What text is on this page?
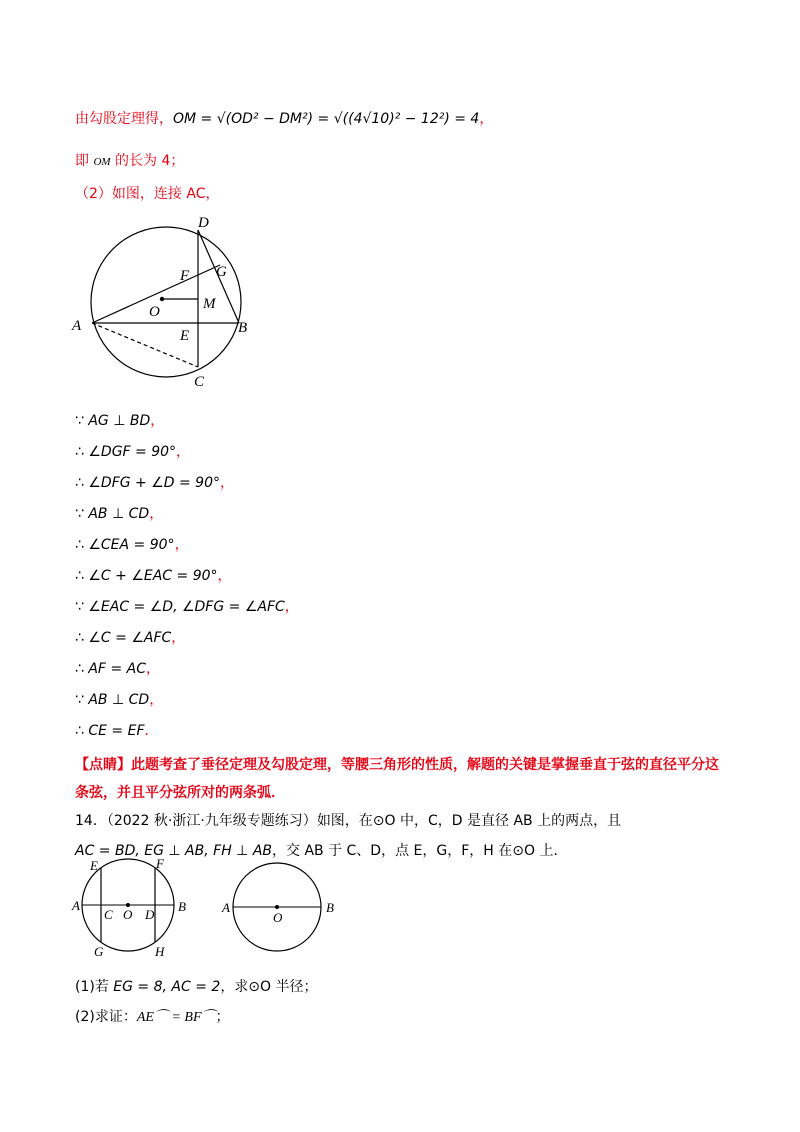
由勾股定理得，OM = √(OD² − DM²) = √((4√10)² − 12²) = 4，
即 OM 的长为 4；
（2）如图，连接 AC，
D
G
F
O	M
A
E	B
C
∵ AG ⊥ BD，
∴ ∠DGF = 90°，
∴ ∠DFG + ∠D = 90°，
∵ AB ⊥ CD，
∴ ∠CEA = 90°，
∴ ∠C + ∠EAC = 90°，
∵ ∠EAC = ∠D, ∠DFG = ∠AFC，
∴ ∠C = ∠AFC，
∴ AF = AC，
∵ AB ⊥ CD，
∴ CE = EF．
【点睛】此题考查了垂径定理及勾股定理，等腰三角形的性质，解题的关键是掌握垂直于弦的直径平分这
条弦，并且平分弦所对的两条弧．
14．（2022 秋·浙江·九年级专题练习）如图，在⊙O 中，C，D 是直径 AB 上的两点，且
AC = BD, EG ⊥ AB, FH ⊥ AB，交 AB 于 C、D，点 E，G，F，H 在⊙O 上．
E	F
A
C O D
B
G	H
A
O
B
(1)若 EG = 8, AC = 2，求⊙O 半径；
(2)求证：AE⌒ = BF⌒；
